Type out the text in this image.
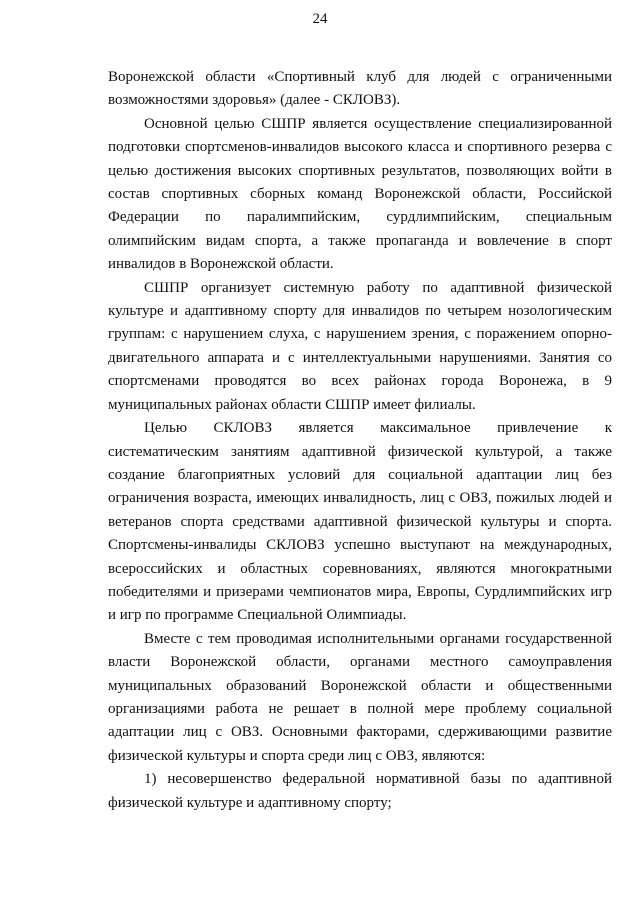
24

Воронежской области «Спортивный клуб для людей с ограниченными возможностями здоровья» (далее - СКЛОВЗ).

Основной целью СШПР является осуществление специализированной подготовки спортсменов-инвалидов высокого класса и спортивного резерва с целью достижения высоких спортивных результатов, позволяющих войти в состав спортивных сборных команд Воронежской области, Российской Федерации по паралимпийским, сурдлимпийским, специальным олимпийским видам спорта, а также пропаганда и вовлечение в спорт инвалидов в Воронежской области.

СШПР организует системную работу по адаптивной физической культуре и адаптивному спорту для инвалидов по четырем нозологическим группам: с нарушением слуха, с нарушением зрения, с поражением опорно-двигательного аппарата и с интеллектуальными нарушениями. Занятия со спортсменами проводятся во всех районах города Воронежа, в 9 муниципальных районах области СШПР имеет филиалы.

Целью СКЛОВЗ является максимальное привлечение к систематическим занятиям адаптивной физической культурой, а также создание благоприятных условий для социальной адаптации лиц без ограничения возраста, имеющих инвалидность, лиц с ОВЗ, пожилых людей и ветеранов спорта средствами адаптивной физической культуры и спорта. Спортсмены-инвалиды СКЛОВЗ успешно выступают на международных, всероссийских и областных соревнованиях, являются многократными победителями и призерами чемпионатов мира, Европы, Сурдлимпийских игр и игр по программе Специальной Олимпиады.

Вместе с тем проводимая исполнительными органами государственной власти Воронежской области, органами местного самоуправления муниципальных образований Воронежской области и общественными организациями работа не решает в полной мере проблему социальной адаптации лиц с ОВЗ. Основными факторами, сдерживающими развитие физической культуры и спорта среди лиц с ОВЗ, являются:

1) несовершенство федеральной нормативной базы по адаптивной физической культуре и адаптивному спорту;
